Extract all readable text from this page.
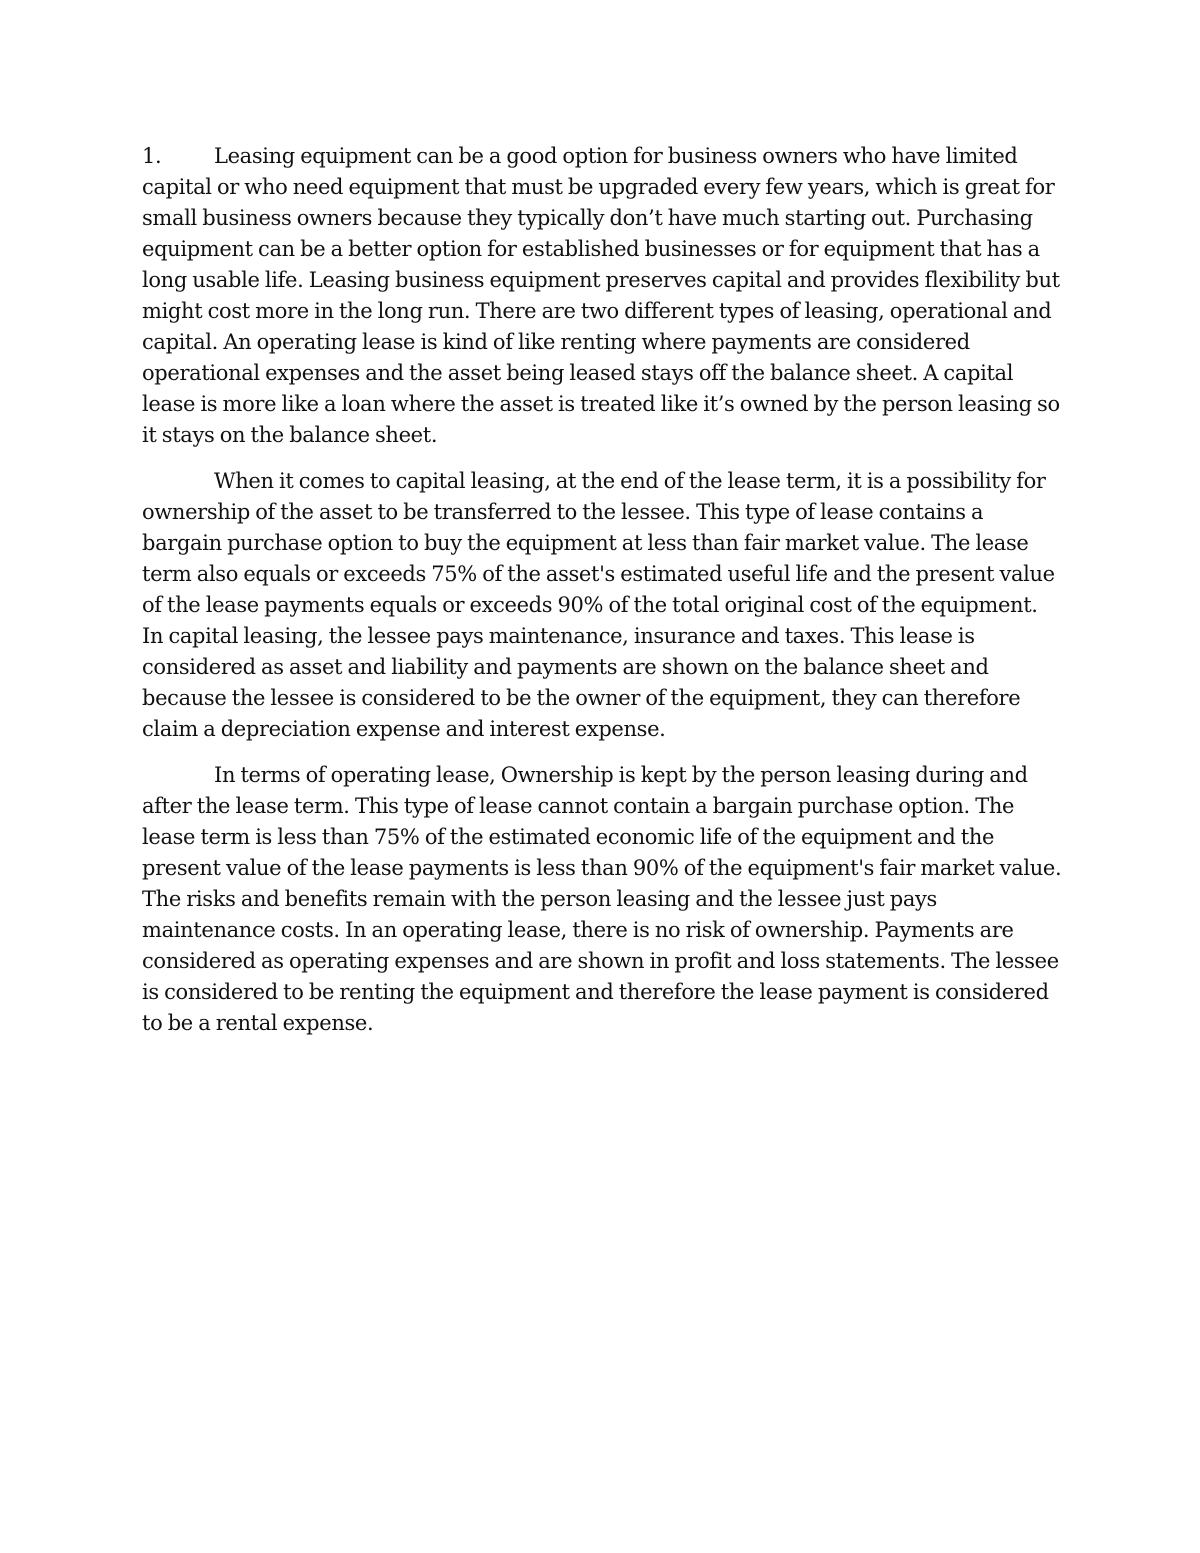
1.	Leasing equipment can be a good option for business owners who have limited capital or who need equipment that must be upgraded every few years, which is great for small business owners because they typically don’t have much starting out. Purchasing equipment can be a better option for established businesses or for equipment that has a long usable life. Leasing business equipment preserves capital and provides flexibility but might cost more in the long run. There are two different types of leasing, operational and capital. An operating lease is kind of like renting where payments are considered operational expenses and the asset being leased stays off the balance sheet. A capital lease is more like a loan where the asset is treated like it’s owned by the person leasing so it stays on the balance sheet.

When it comes to capital leasing, at the end of the lease term, it is a possibility for ownership of the asset to be transferred to the lessee. This type of lease contains a bargain purchase option to buy the equipment at less than fair market value. The lease term also equals or exceeds 75% of the asset's estimated useful life and the present value of the lease payments equals or exceeds 90% of the total original cost of the equipment. In capital leasing, the lessee pays maintenance, insurance and taxes. This lease is considered as asset and liability and payments are shown on the balance sheet and because the lessee is considered to be the owner of the equipment, they can therefore claim a depreciation expense and interest expense.

In terms of operating lease, Ownership is kept by the person leasing during and after the lease term. This type of lease cannot contain a bargain purchase option. The lease term is less than 75% of the estimated economic life of the equipment and the present value of the lease payments is less than 90% of the equipment's fair market value. The risks and benefits remain with the person leasing and the lessee just pays maintenance costs. In an operating lease, there is no risk of ownership. Payments are considered as operating expenses and are shown in profit and loss statements. The lessee is considered to be renting the equipment and therefore the lease payment is considered to be a rental expense.
